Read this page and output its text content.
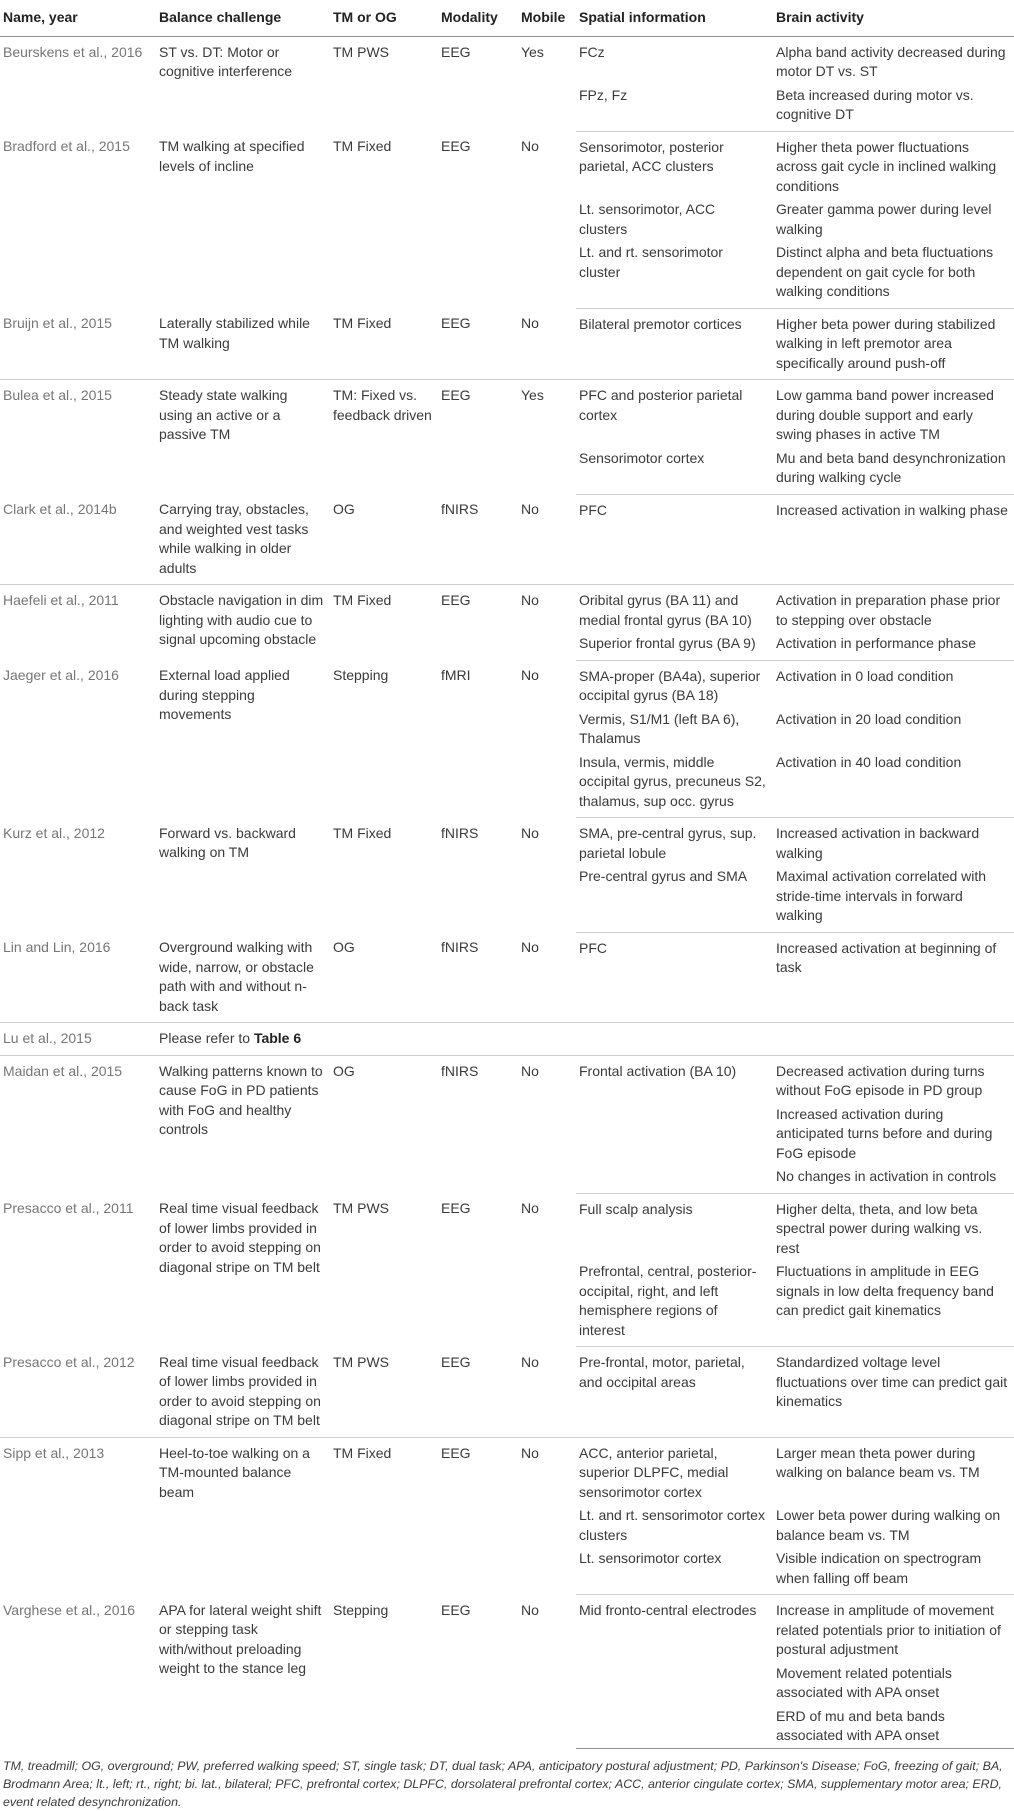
Name, year	Balance challenge	TM or OG	Modality	Mobile	Spatial information	Brain activity
Beurskens et al., 2016	ST vs. DT: Motor or cognitive interference	TM PWS	EEG	Yes	FCz	Alpha band activity decreased during motor DT vs. ST
					FPz, Fz	Beta increased during motor vs. cognitive DT
Bradford et al., 2015	TM walking at specified levels of incline	TM Fixed	EEG	No	Sensorimotor, posterior parietal, ACC clusters	Higher theta power fluctuations across gait cycle in inclined walking conditions
					Lt. sensorimotor, ACC clusters	Greater gamma power during level walking
					Lt. and rt. sensorimotor cluster	Distinct alpha and beta fluctuations dependent on gait cycle for both walking conditions
Bruijn et al., 2015	Laterally stabilized while TM walking	TM Fixed	EEG	No	Bilateral premotor cortices	Higher beta power during stabilized walking in left premotor area specifically around push-off
Bulea et al., 2015	Steady state walking using an active or a passive TM	TM: Fixed vs. feedback driven	EEG	Yes	PFC and posterior parietal cortex	Low gamma band power increased during double support and early swing phases in active TM
					Sensorimotor cortex	Mu and beta band desynchronization during walking cycle
Clark et al., 2014b	Carrying tray, obstacles, and weighted vest tasks while walking in older adults	OG	fNIRS	No	PFC	Increased activation in walking phase
Haefeli et al., 2011	Obstacle navigation in dim lighting with audio cue to signal upcoming obstacle	TM Fixed	EEG	No	Oribital gyrus (BA 11) and medial frontal gyrus (BA 10)	Activation in preparation phase prior to stepping over obstacle
					Superior frontal gyrus (BA 9)	Activation in performance phase
Jaeger et al., 2016	External load applied during stepping movements	Stepping	fMRI	No	SMA-proper (BA4a), superior occipital gyrus (BA 18)	Activation in 0 load condition
					Vermis, S1/M1 (left BA 6), Thalamus	Activation in 20 load condition
					Insula, vermis, middle occipital gyrus, precuneus S2, thalamus, sup occ. gyrus	Activation in 40 load condition
Kurz et al., 2012	Forward vs. backward walking on TM	TM Fixed	fNIRS	No	SMA, pre-central gyrus, sup. parietal lobule	Increased activation in backward walking
					Pre-central gyrus and SMA	Maximal activation correlated with stride-time intervals in forward walking
Lin and Lin, 2016	Overground walking with wide, narrow, or obstacle path with and without n-back task	OG	fNIRS	No	PFC	Increased activation at beginning of task
Lu et al., 2015	Please refer to Table 6					
Maidan et al., 2015	Walking patterns known to cause FoG in PD patients with FoG and healthy controls	OG	fNIRS	No	Frontal activation (BA 10)	Decreased activation during turns without FoG episode in PD group
						Increased activation during anticipated turns before and during FoG episode
						No changes in activation in controls
Presacco et al., 2011	Real time visual feedback of lower limbs provided in order to avoid stepping on diagonal stripe on TM belt	TM PWS	EEG	No	Full scalp analysis	Higher delta, theta, and low beta spectral power during walking vs. rest
					Prefrontal, central, posterior-occipital, right, and left hemisphere regions of interest	Fluctuations in amplitude in EEG signals in low delta frequency band can predict gait kinematics
Presacco et al., 2012	Real time visual feedback of lower limbs provided in order to avoid stepping on diagonal stripe on TM belt	TM PWS	EEG	No	Pre-frontal, motor, parietal, and occipital areas	Standardized voltage level fluctuations over time can predict gait kinematics
Sipp et al., 2013	Heel-to-toe walking on a TM-mounted balance beam	TM Fixed	EEG	No	ACC, anterior parietal, superior DLPFC, medial sensorimotor cortex	Larger mean theta power during walking on balance beam vs. TM
					Lt. and rt. sensorimotor cortex clusters	Lower beta power during walking on balance beam vs. TM
					Lt. sensorimotor cortex	Visible indication on spectrogram when falling off beam
Varghese et al., 2016	APA for lateral weight shift or stepping task with/without preloading weight to the stance leg	Stepping	EEG	No	Mid fronto-central electrodes	Increase in amplitude of movement related potentials prior to initiation of postural adjustment
						Movement related potentials associated with APA onset
						ERD of mu and beta bands associated with APA onset

TM, treadmill; OG, overground; PW, preferred walking speed; ST, single task; DT, dual task; APA, anticipatory postural adjustment; PD, Parkinson's Disease; FoG, freezing of gait; BA, Brodmann Area; lt., left; rt., right; bi. lat., bilateral; PFC, prefrontal cortex; DLPFC, dorsolateral prefrontal cortex; ACC, anterior cingulate cortex; SMA, supplementary motor area; ERD, event related desynchronization.
